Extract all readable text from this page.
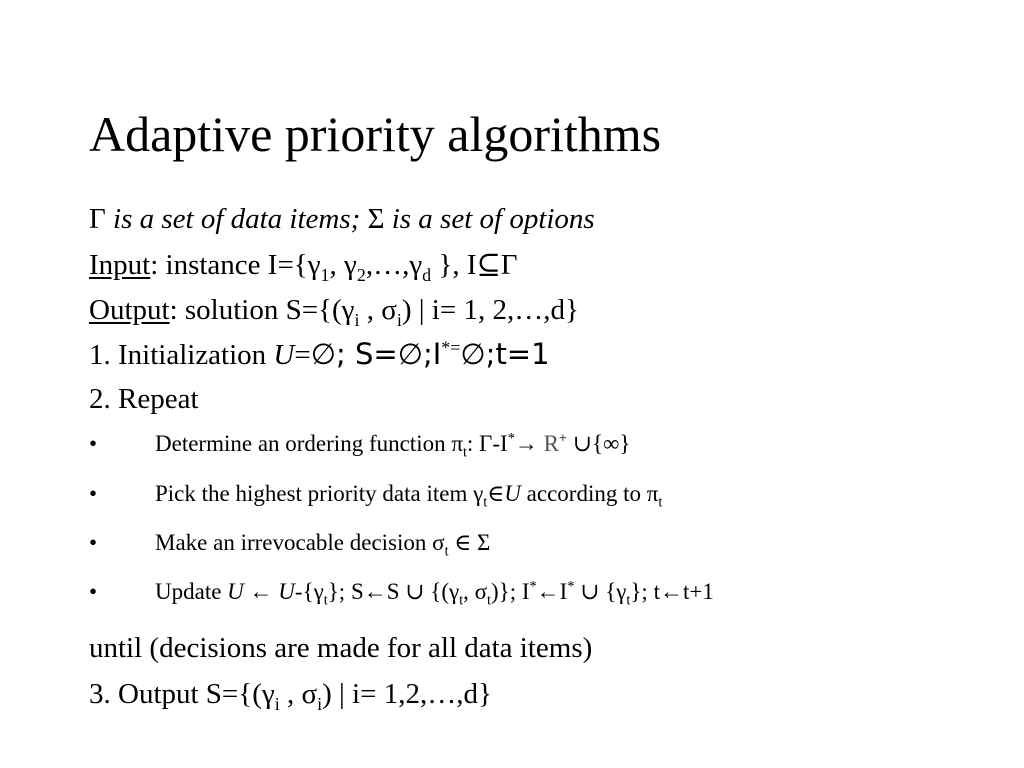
Adaptive priority algorithms
Γ is a set of data items; Σ is a set of options
Input: instance $I=\{\gamma_1$, $\gamma_2,\dots,\gamma_d$ }, I⊆Γ
Output: solution $S=\{(\gamma_i$ , $\sigma_i$) | i= 1, 2,…,d}
1. Initialization U=∅; S=∅;I*=∅;t=1
2. Repeat
•	Determine an ordering function $\pi_t$: Γ-I*→ R+ ∪{∞}
•	Pick the highest priority data item $\gamma_t\in U$ according to $\pi_t$
•	Make an irrevocable decision $\sigma_t$ ∈ Σ
•	Update U ← $U-\{\gamma_t\}$; S←S ∪ {($\gamma_t$, $\sigma_t$)}; I*←I* ∪ $\{\gamma_t\}$; t←t+1
until (decisions are made for all data items)
3. Output $S=\{(\gamma_i$ , $\sigma_i$) | i= 1,2,…,d}
